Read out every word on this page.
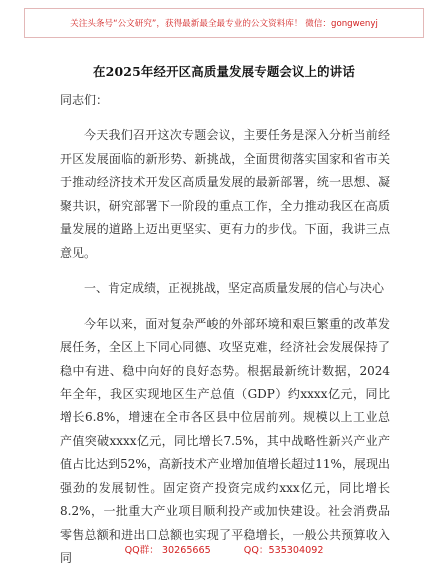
关注头条号“公文研究”，获得最新最全最专业的公文资料库！ 微信：gongwenyj
在2025年经开区高质量发展专题会议上的讲话

同志们：

今天我们召开这次专题会议，主要任务是深入分析当前经开区发展面临的新形势、新挑战，全面贯彻落实国家和省市关于推动经济技术开发区高质量发展的最新部署，统一思想、凝聚共识，研究部署下一阶段的重点工作，全力推动我区在高质量发展的道路上迈出更坚实、更有力的步伐。下面，我讲三点意见。

一、肯定成绩，正视挑战，坚定高质量发展的信心与决心

今年以来，面对复杂严峻的外部环境和艰巨繁重的改革发展任务，全区上下同心同德、攻坚克难，经济社会发展保持了稳中有进、稳中向好的良好态势。根据最新统计数据，2024年全年，我区实现地区生产总值（GDP）约xxxx亿元，同比增长6.8%，增速在全市各区县中位居前列。规模以上工业总产值突破xxxx亿元，同比增长7.5%，其中战略性新兴产业产值占比达到52%，高新技术产业增加值增长超过11%，展现出强劲的发展韧性。固定资产投资完成约xxx亿元，同比增长8.2%，一批重大产业项目顺利投产或加快建设。社会消费品零售总额和进出口总额也实现了平稳增长，一般公共预算收入同

QQ群： 30265665	QQ：535304092
